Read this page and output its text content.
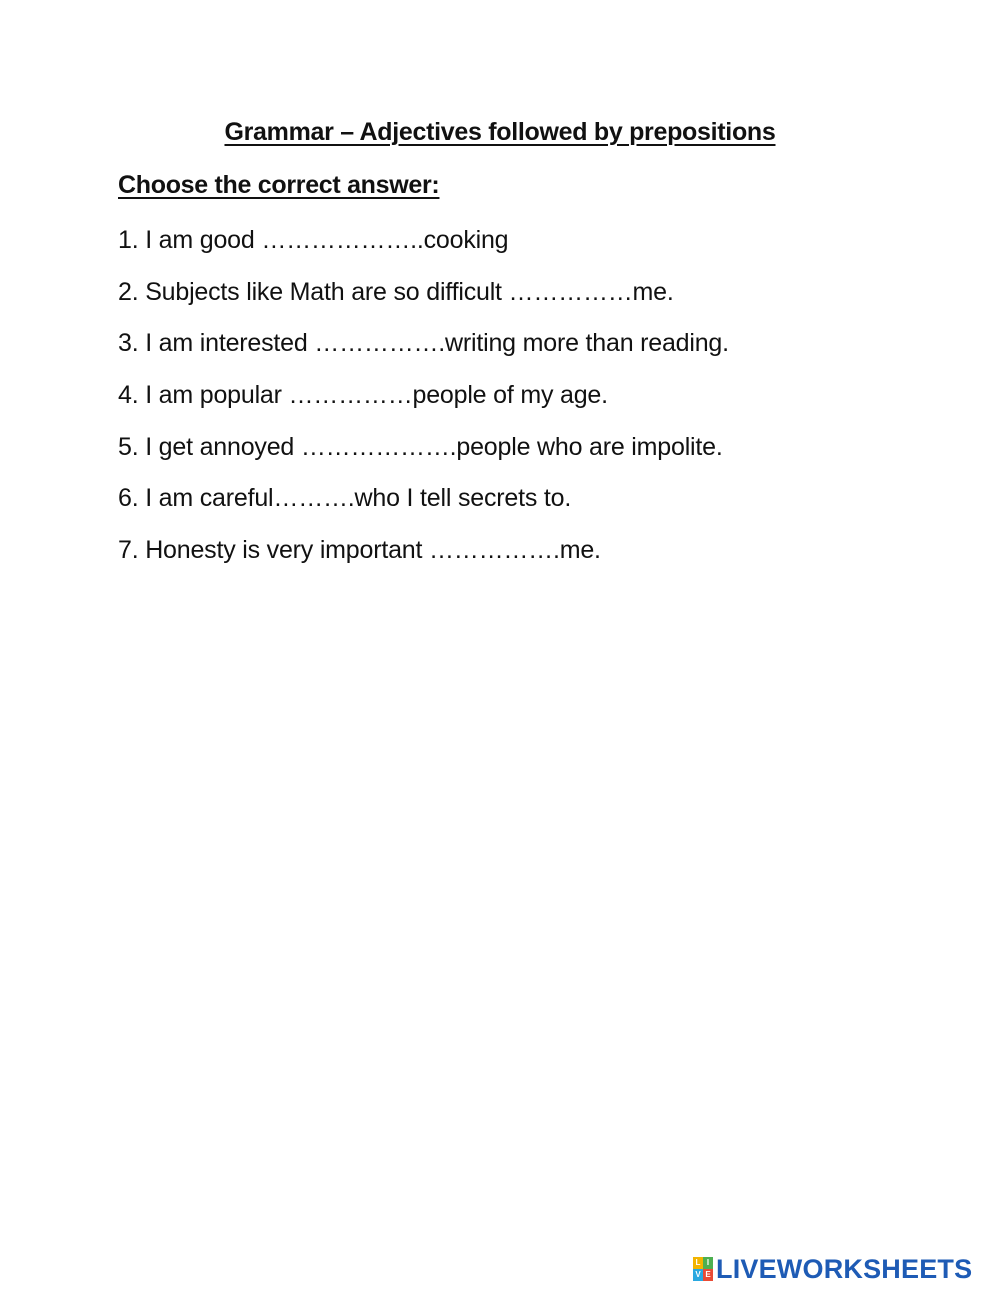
Grammar – Adjectives followed by prepositions
Choose the correct answer:
1. I am good ………………..cooking
2. Subjects like Math are so difficult ……………me.
3. I am interested …………….writing more than reading.
4. I am popular ……………people of my age.
5. I get annoyed ……………….people who are impolite.
6. I am careful……….who I tell secrets to.
7. Honesty is very important …………….me.
L I
V E LIVEWORKSHEETS
